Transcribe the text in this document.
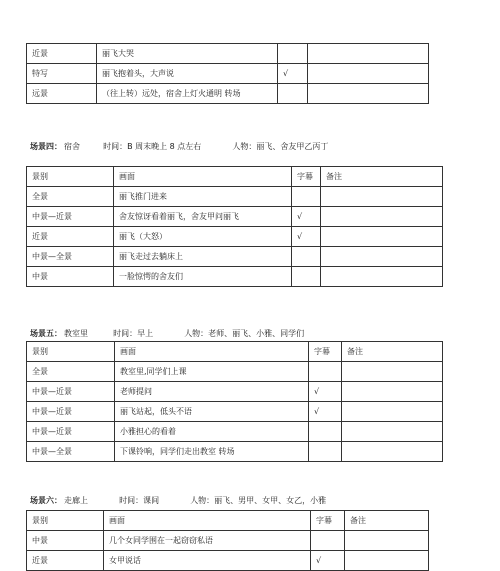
近景	丽飞大哭		
特写	丽飞抱着头，大声说	√	
远景	（往上转）远处，宿舍上灯火通明 转场		
场景四： 宿舍	时间：B 周末晚上 8 点左右	人物：丽飞、舍友甲乙丙丁
景别	画面	字幕	备注
全景	丽飞推门进来		
中景—近景	舍友惊讶看着丽飞，舍友甲问丽飞	√	
近景	丽飞（大怒）	√	
中景—全景	丽飞走过去躺床上		
中景	一脸惊愕的舍友们		
场景五： 教室里	时间：早上	人物：老师、丽飞、小雅、同学们
景别	画面	字幕	备注
全景	教室里,同学们上课		
中景—近景	老师提问	√	
中景—近景	丽飞站起，低头不语	√	
中景—近景	小雅担心的看着		
中景—全景	下课铃响，同学们走出教室 转场		
场景六： 走廊上	时间：课间	人物：丽飞、男甲、女甲、女乙，小雅
景别	画面	字幕	备注
中景	几个女同学围在一起窃窃私语		
近景	女甲说话	√	
